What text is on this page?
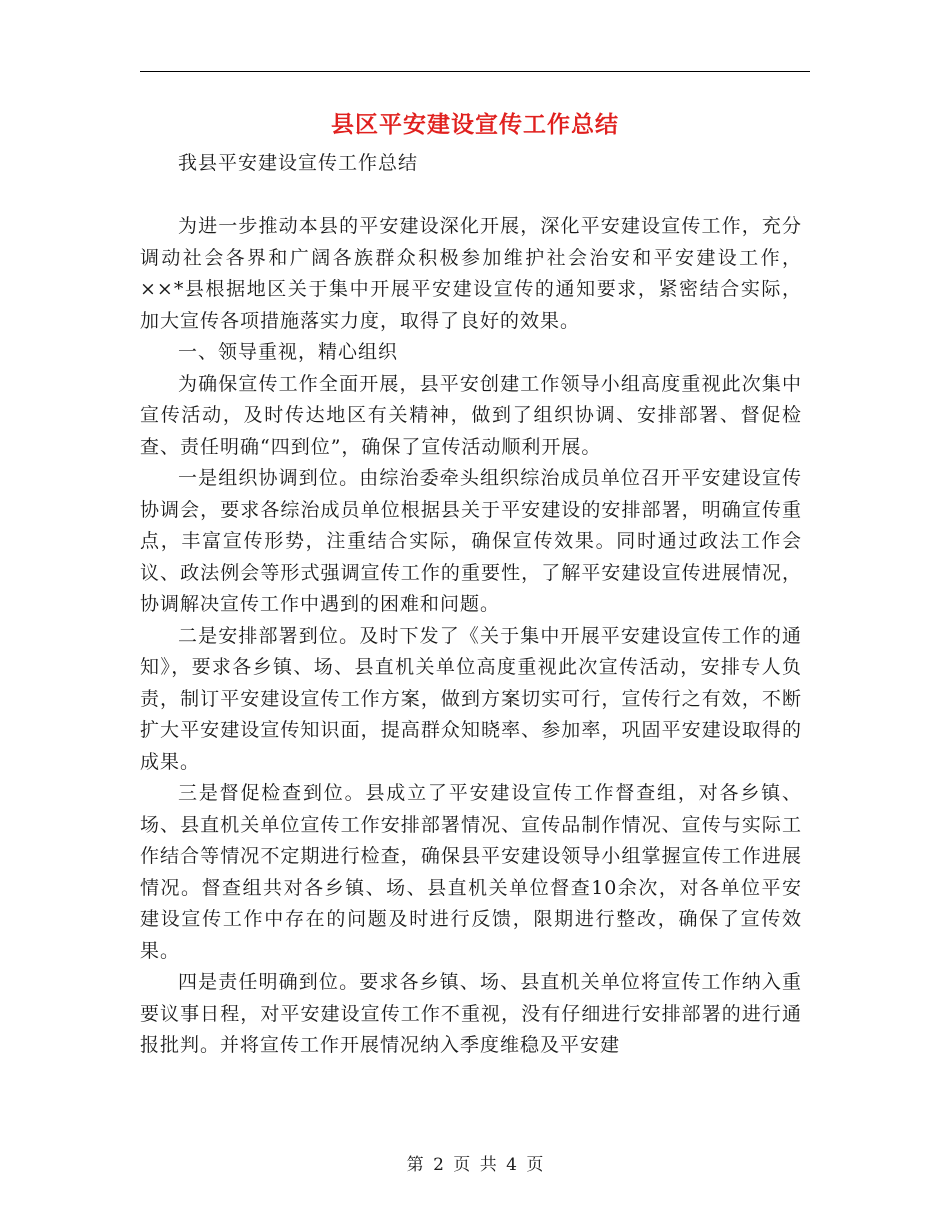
县区平安建设宣传工作总结

我县平安建设宣传工作总结

为进一步推动本县的平安建设深化开展，深化平安建设宣传工作，充分调动社会各界和广阔各族群众积极参加维护社会治安和平安建设工作，××*县根据地区关于集中开展平安建设宣传的通知要求，紧密结合实际，加大宣传各项措施落实力度，取得了良好的效果。

一、领导重视，精心组织

为确保宣传工作全面开展，县平安创建工作领导小组高度重视此次集中宣传活动，及时传达地区有关精神，做到了组织协调、安排部署、督促检查、责任明确“四到位”，确保了宣传活动顺利开展。

一是组织协调到位。由综治委牵头组织综治成员单位召开平安建设宣传协调会，要求各综治成员单位根据县关于平安建设的安排部署，明确宣传重点，丰富宣传形势，注重结合实际，确保宣传效果。同时通过政法工作会议、政法例会等形式强调宣传工作的重要性，了解平安建设宣传进展情况，协调解决宣传工作中遇到的困难和问题。

二是安排部署到位。及时下发了《关于集中开展平安建设宣传工作的通知》，要求各乡镇、场、县直机关单位高度重视此次宣传活动，安排专人负责，制订平安建设宣传工作方案，做到方案切实可行，宣传行之有效，不断扩大平安建设宣传知识面，提高群众知晓率、参加率，巩固平安建设取得的成果。

三是督促检查到位。县成立了平安建设宣传工作督查组，对各乡镇、场、县直机关单位宣传工作安排部署情况、宣传品制作情况、宣传与实际工作结合等情况不定期进行检查，确保县平安建设领导小组掌握宣传工作进展情况。督查组共对各乡镇、场、县直机关单位督查10余次，对各单位平安建设宣传工作中存在的问题及时进行反馈，限期进行整改，确保了宣传效果。

四是责任明确到位。要求各乡镇、场、县直机关单位将宣传工作纳入重要议事日程，对平安建设宣传工作不重视，没有仔细进行安排部署的进行通报批判。并将宣传工作开展情况纳入季度维稳及平安建

第 2 页 共 4 页
